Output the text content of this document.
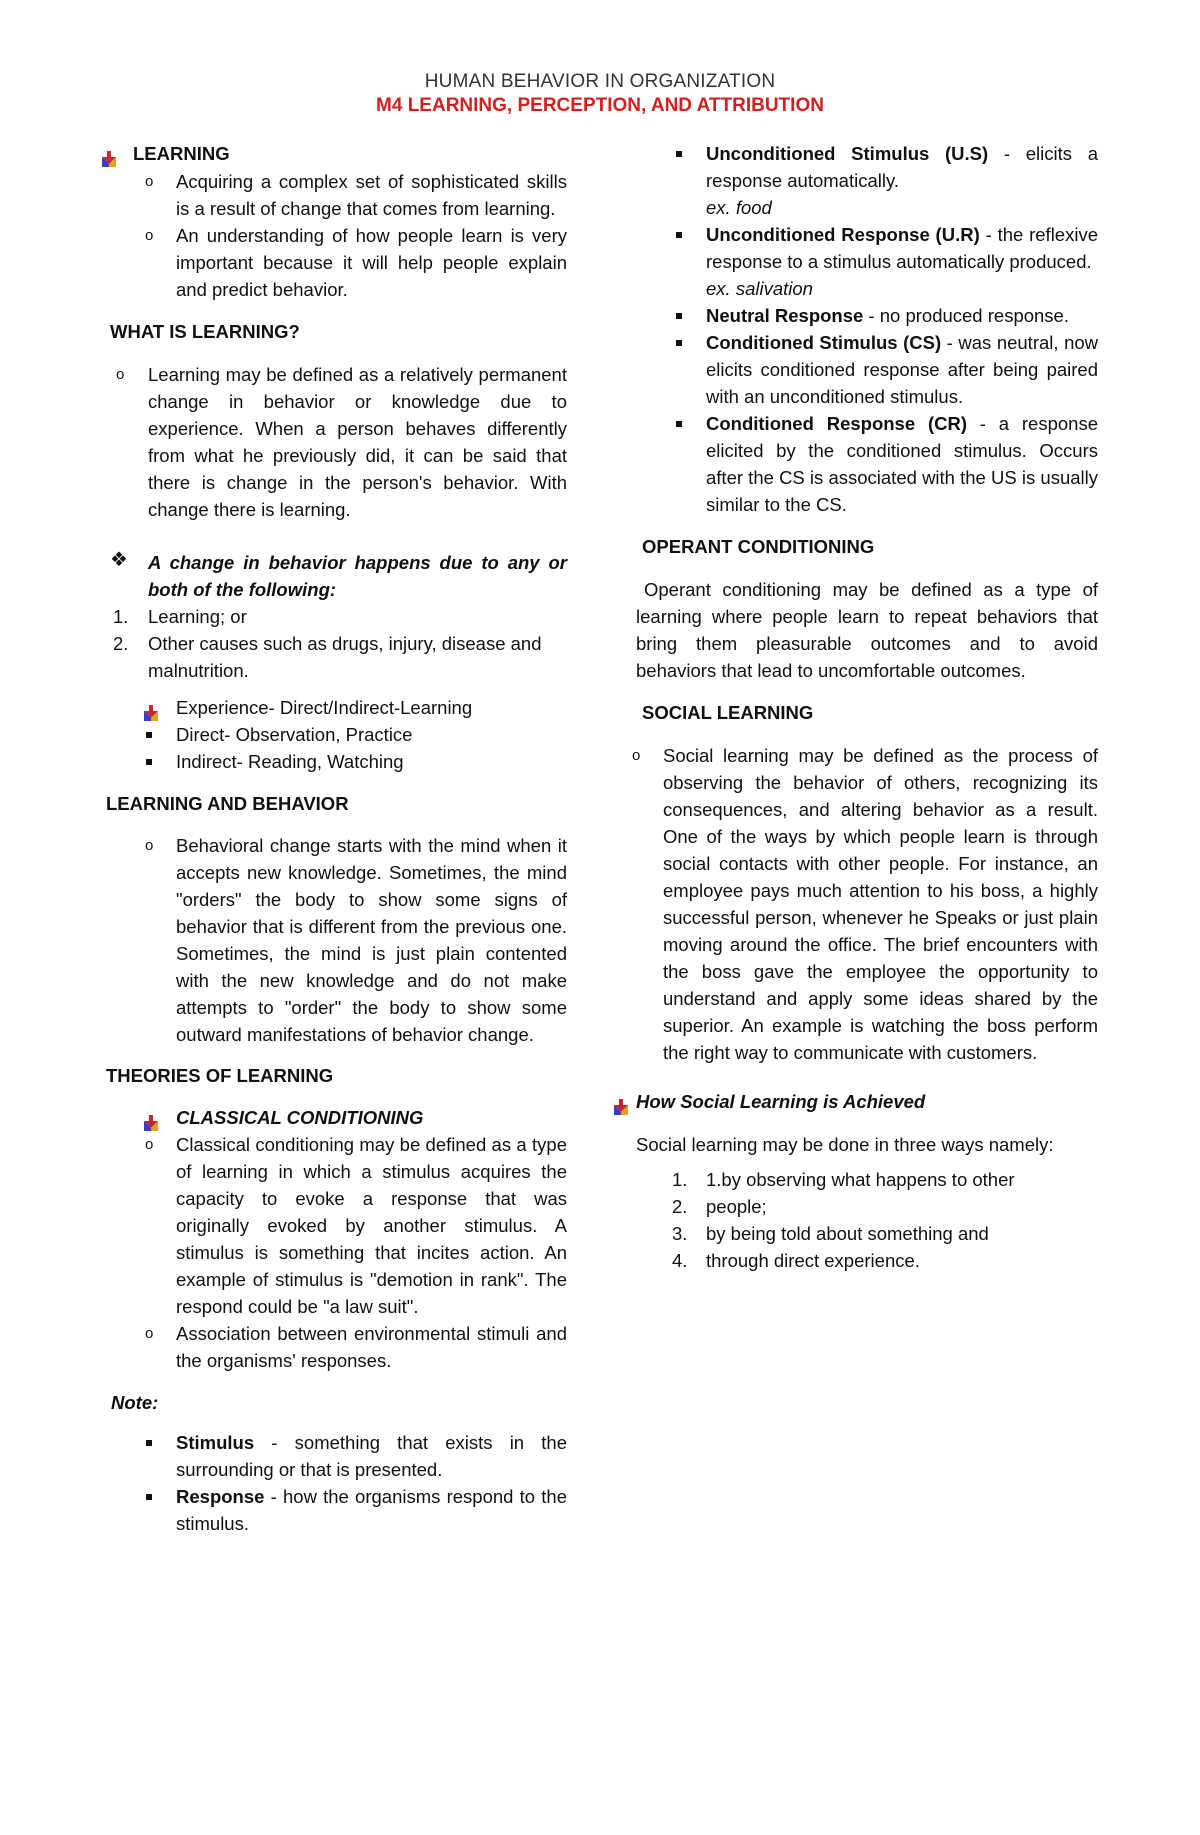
HUMAN BEHAVIOR IN ORGANIZATION
M4 LEARNING, PERCEPTION, AND ATTRIBUTION
LEARNING
o Acquiring a complex set of sophisticated skills is a result of change that comes from learning.
o An understanding of how people learn is very important because it will help people explain and predict behavior.
WHAT IS LEARNING?
o Learning may be defined as a relatively permanent change in behavior or knowledge due to experience. When a person behaves differently from what he previously did, it can be said that there is change in the person's behavior. With change there is learning.
❖ A change in behavior happens due to any or both of the following:
1. Learning; or
2. Other causes such as drugs, injury, disease and malnutrition.
Experience- Direct/Indirect-Learning
Direct- Observation, Practice
Indirect- Reading, Watching
LEARNING AND BEHAVIOR
o Behavioral change starts with the mind when it accepts new knowledge. Sometimes, the mind "orders" the body to show some signs of behavior that is different from the previous one. Sometimes, the mind is just plain contented with the new knowledge and do not make attempts to "order" the body to show some outward manifestations of behavior change.
THEORIES OF LEARNING
CLASSICAL CONDITIONING
o Classical conditioning may be defined as a type of learning in which a stimulus acquires the capacity to evoke a response that was originally evoked by another stimulus. A stimulus is something that incites action. An example of stimulus is "demotion in rank". The respond could be "a law suit".
o Association between environmental stimuli and the organisms' responses.
Note:
Stimulus - something that exists in the surrounding or that is presented.
Response - how the organisms respond to the stimulus.
Unconditioned Stimulus (U.S) - elicits a response automatically.
ex. food
Unconditioned Response (U.R) - the reflexive response to a stimulus automatically produced.
ex. salivation
Neutral Response - no produced response.
Conditioned Stimulus (CS) - was neutral, now elicits conditioned response after being paired with an unconditioned stimulus.
Conditioned Response (CR) - a response elicited by the conditioned stimulus. Occurs after the CS is associated with the US is usually similar to the CS.
OPERANT CONDITIONING

Operant conditioning may be defined as a type of learning where people learn to repeat behaviors that bring them pleasurable outcomes and to avoid behaviors that lead to uncomfortable outcomes.

SOCIAL LEARNING
o Social learning may be defined as the process of observing the behavior of others, recognizing its consequences, and altering behavior as a result. One of the ways by which people learn is through social contacts with other people. For instance, an employee pays much attention to his boss, a highly successful person, whenever he Speaks or just plain moving around the office. The brief encounters with the boss gave the employee the opportunity to understand and apply some ideas shared by the superior. An example is watching the boss perform the right way to communicate with customers.
How Social Learning is Achieved

Social learning may be done in three ways namely:

1. 1.by observing what happens to other
2. people;
3. by being told about something and
4. through direct experience.
